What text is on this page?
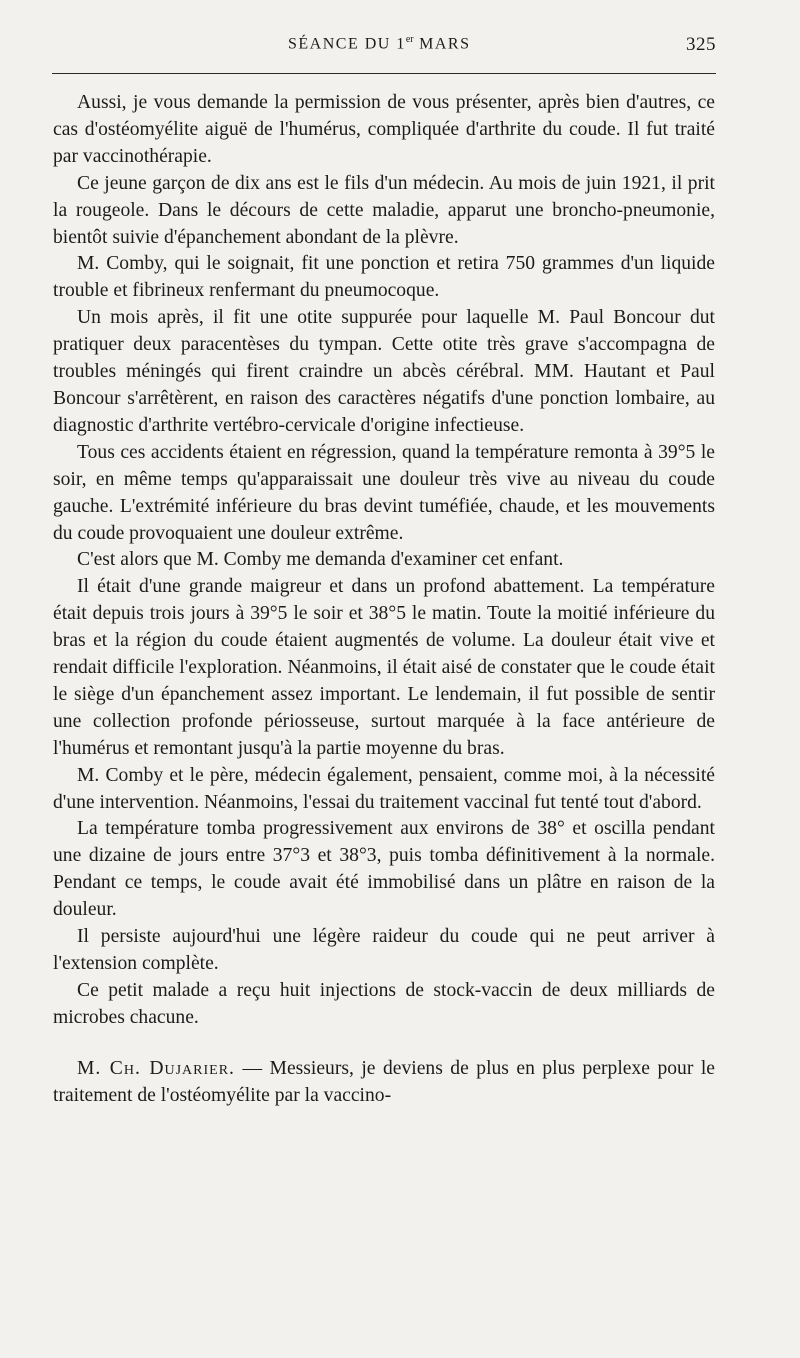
SÉANCE DU 1er MARS	325

Aussi, je vous demande la permission de vous présenter, après bien d'autres, ce cas d'ostéomyélite aiguë de l'humérus, compliquée d'arthrite du coude. Il fut traité par vaccinothérapie.

Ce jeune garçon de dix ans est le fils d'un médecin. Au mois de juin 1921, il prit la rougeole. Dans le décours de cette maladie, apparut une broncho-pneumonie, bientôt suivie d'épanchement abondant de la plèvre.

M. Comby, qui le soignait, fit une ponction et retira 750 grammes d'un liquide trouble et fibrineux renfermant du pneumocoque.

Un mois après, il fit une otite suppurée pour laquelle M. Paul Boncour dut pratiquer deux paracentèses du tympan. Cette otite très grave s'accompagna de troubles méningés qui firent craindre un abcès cérébral. MM. Hautant et Paul Boncour s'arrêtèrent, en raison des caractères négatifs d'une ponction lombaire, au diagnostic d'arthrite vertébro-cervicale d'origine infectieuse.

Tous ces accidents étaient en régression, quand la température remonta à 39°5 le soir, en même temps qu'apparaissait une douleur très vive au niveau du coude gauche. L'extrémité inférieure du bras devint tuméfiée, chaude, et les mouvements du coude provoquaient une douleur extrême.

C'est alors que M. Comby me demanda d'examiner cet enfant.

Il était d'une grande maigreur et dans un profond abattement. La température était depuis trois jours à 39°5 le soir et 38°5 le matin. Toute la moitié inférieure du bras et la région du coude étaient augmentés de volume. La douleur était vive et rendait difficile l'exploration. Néanmoins, il était aisé de constater que le coude était le siège d'un épanchement assez important. Le lendemain, il fut possible de sentir une collection profonde périosseuse, surtout marquée à la face antérieure de l'humérus et remontant jusqu'à la partie moyenne du bras.

M. Comby et le père, médecin également, pensaient, comme moi, à la nécessité d'une intervention. Néanmoins, l'essai du traitement vaccinal fut tenté tout d'abord.

La température tomba progressivement aux environs de 38° et oscilla pendant une dizaine de jours entre 37°3 et 38°3, puis tomba définitivement à la normale. Pendant ce temps, le coude avait été immobilisé dans un plâtre en raison de la douleur.

Il persiste aujourd'hui une légère raideur du coude qui ne peut arriver à l'extension complète.

Ce petit malade a reçu huit injections de stock-vaccin de deux milliards de microbes chacune.

M. Ch. Dujarier. — Messieurs, je deviens de plus en plus perplexe pour le traitement de l'ostéomyélite par la vaccino-
